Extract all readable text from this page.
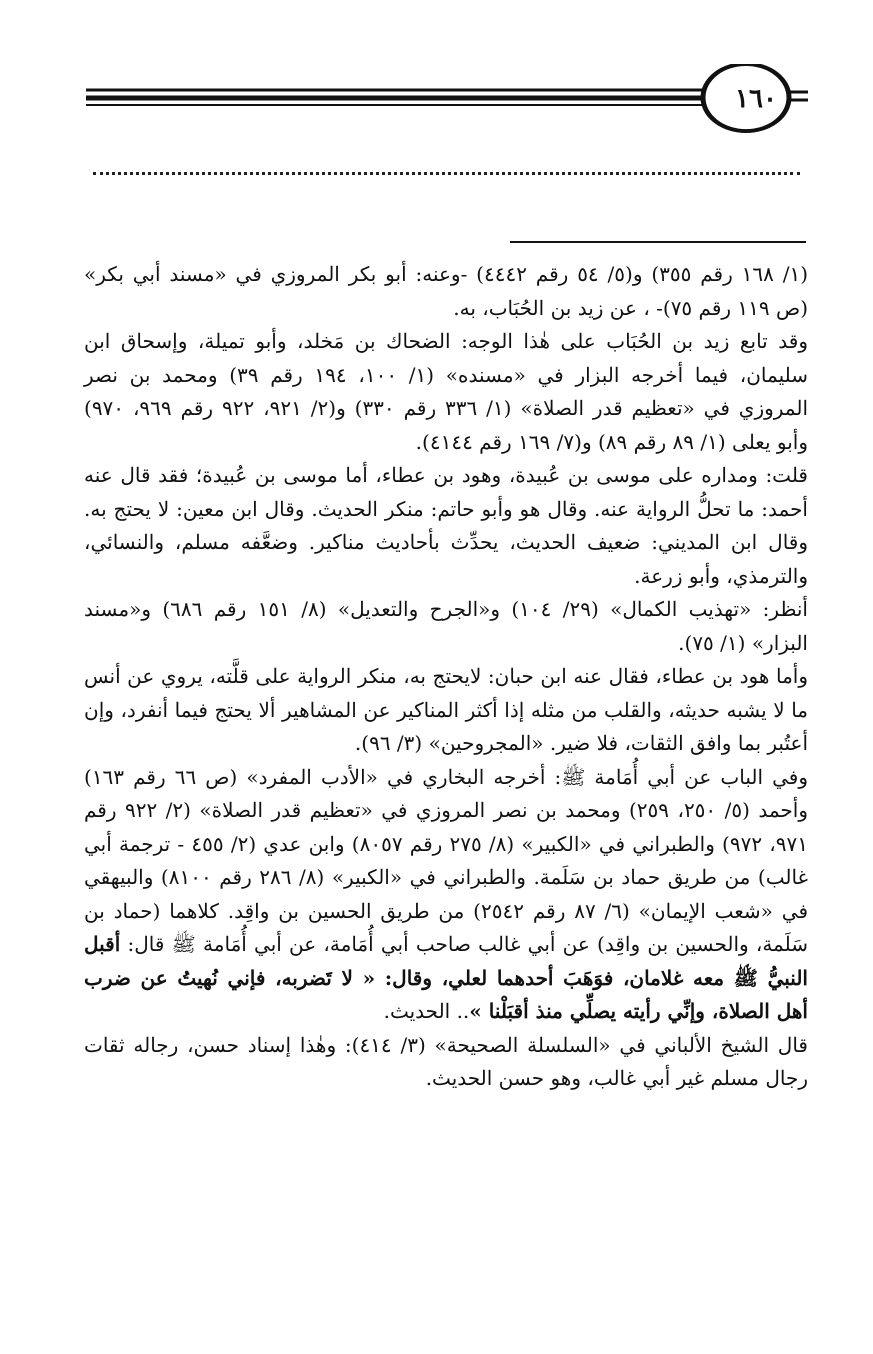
١٦٠

(١/ ١٦٨ رقم ٣٥٥) و(٥/ ٥٤ رقم ٤٤٤٢) -وعنه: أبو بكر المروزي في «مسند أبي بكر» (ص ١١٩ رقم ٧٥)- ، عن زيد بن الحُبَاب، به.

وقد تابع زيد بن الحُبَاب على هٰذا الوجه: الضحاك بن مَخلد، وأبو تميلة، وإسحاق ابن سليمان، فيما أخرجه البزار في «مسنده» (١/ ١٠٠، ١٩٤ رقم ٣٩) ومحمد بن نصر المروزي في «تعظيم قدر الصلاة» (١/ ٣٣٦ رقم ٣٣٠) و(٢/ ٩٢١، ٩٢٢ رقم ٩٦٩، ٩٧٠) وأبو يعلى (١/ ٨٩ رقم ٨٩) و(٧/ ١٦٩ رقم ٤١٤٤).

قلت: ومداره على موسى بن عُبيدة، وهود بن عطاء، أما موسى بن عُبيدة؛ فقد قال عنه أحمد: ما تحلُّ الرواية عنه. وقال هو وأبو حاتم: منكر الحديث. وقال ابن معين: لا يحتج به. وقال ابن المديني: ضعيف الحديث، يحدِّث بأحاديث مناكير. وضعَّفه مسلم، والنسائي، والترمذي، وأبو زرعة.

أنظر: «تهذيب الكمال» (٢٩/ ١٠٤) و«الجرح والتعديل» (٨/ ١٥١ رقم ٦٨٦) و«مسند البزار» (١/ ٧٥).

وأما هود بن عطاء، فقال عنه ابن حبان: لايحتج به، منكر الرواية على قلَّته، يروي عن أنس ما لا يشبه حديثه، والقلب من مثله إذا أكثر المناكير عن المشاهير ألا يحتج فيما أنفرد، وإن أعتُبر بما وافق الثقات، فلا ضير. «المجروحين» (٣/ ٩٦).

وفي الباب عن أبي أُمَامة ﷺ: أخرجه البخاري في «الأدب المفرد» (ص ٦٦ رقم ١٦٣) وأحمد (٥/ ٢٥٠، ٢٥٩) ومحمد بن نصر المروزي في «تعظيم قدر الصلاة» (٢/ ٩٢٢ رقم ٩٧١، ٩٧٢) والطبراني في «الكبير» (٨/ ٢٧٥ رقم ٨٠٥٧) وابن عدي (٢/ ٤٥٥ - ترجمة أبي غالب) من طريق حماد بن سَلَمة. والطبراني في «الكبير» (٨/ ٢٨٦ رقم ٨١٠٠) والبيهقي في «شعب الإيمان» (٦/ ٨٧ رقم ٢٥٤٢) من طريق الحسين بن واقِد. كلاهما (حماد بن سَلَمة، والحسين بن واقِد) عن أبي غالب صاحب أبي أُمَامة، عن أبي أُمَامة ﷺ قال: أقبل النبيُّ ﷺ معه غلامان، فوَهَبَ أحدهما لعلي، وقال: « لا تَضربه، فإني نُهيتُ عن ضرب أهل الصلاة، وإنِّي رأيته يصلِّي منذ أقبَلْنا ».. الحديث.

قال الشيخ الألباني في «السلسلة الصحيحة» (٣/ ٤١٤): وهٰذا إسناد حسن، رجاله ثقات رجال مسلم غير أبي غالب، وهو حسن الحديث.
